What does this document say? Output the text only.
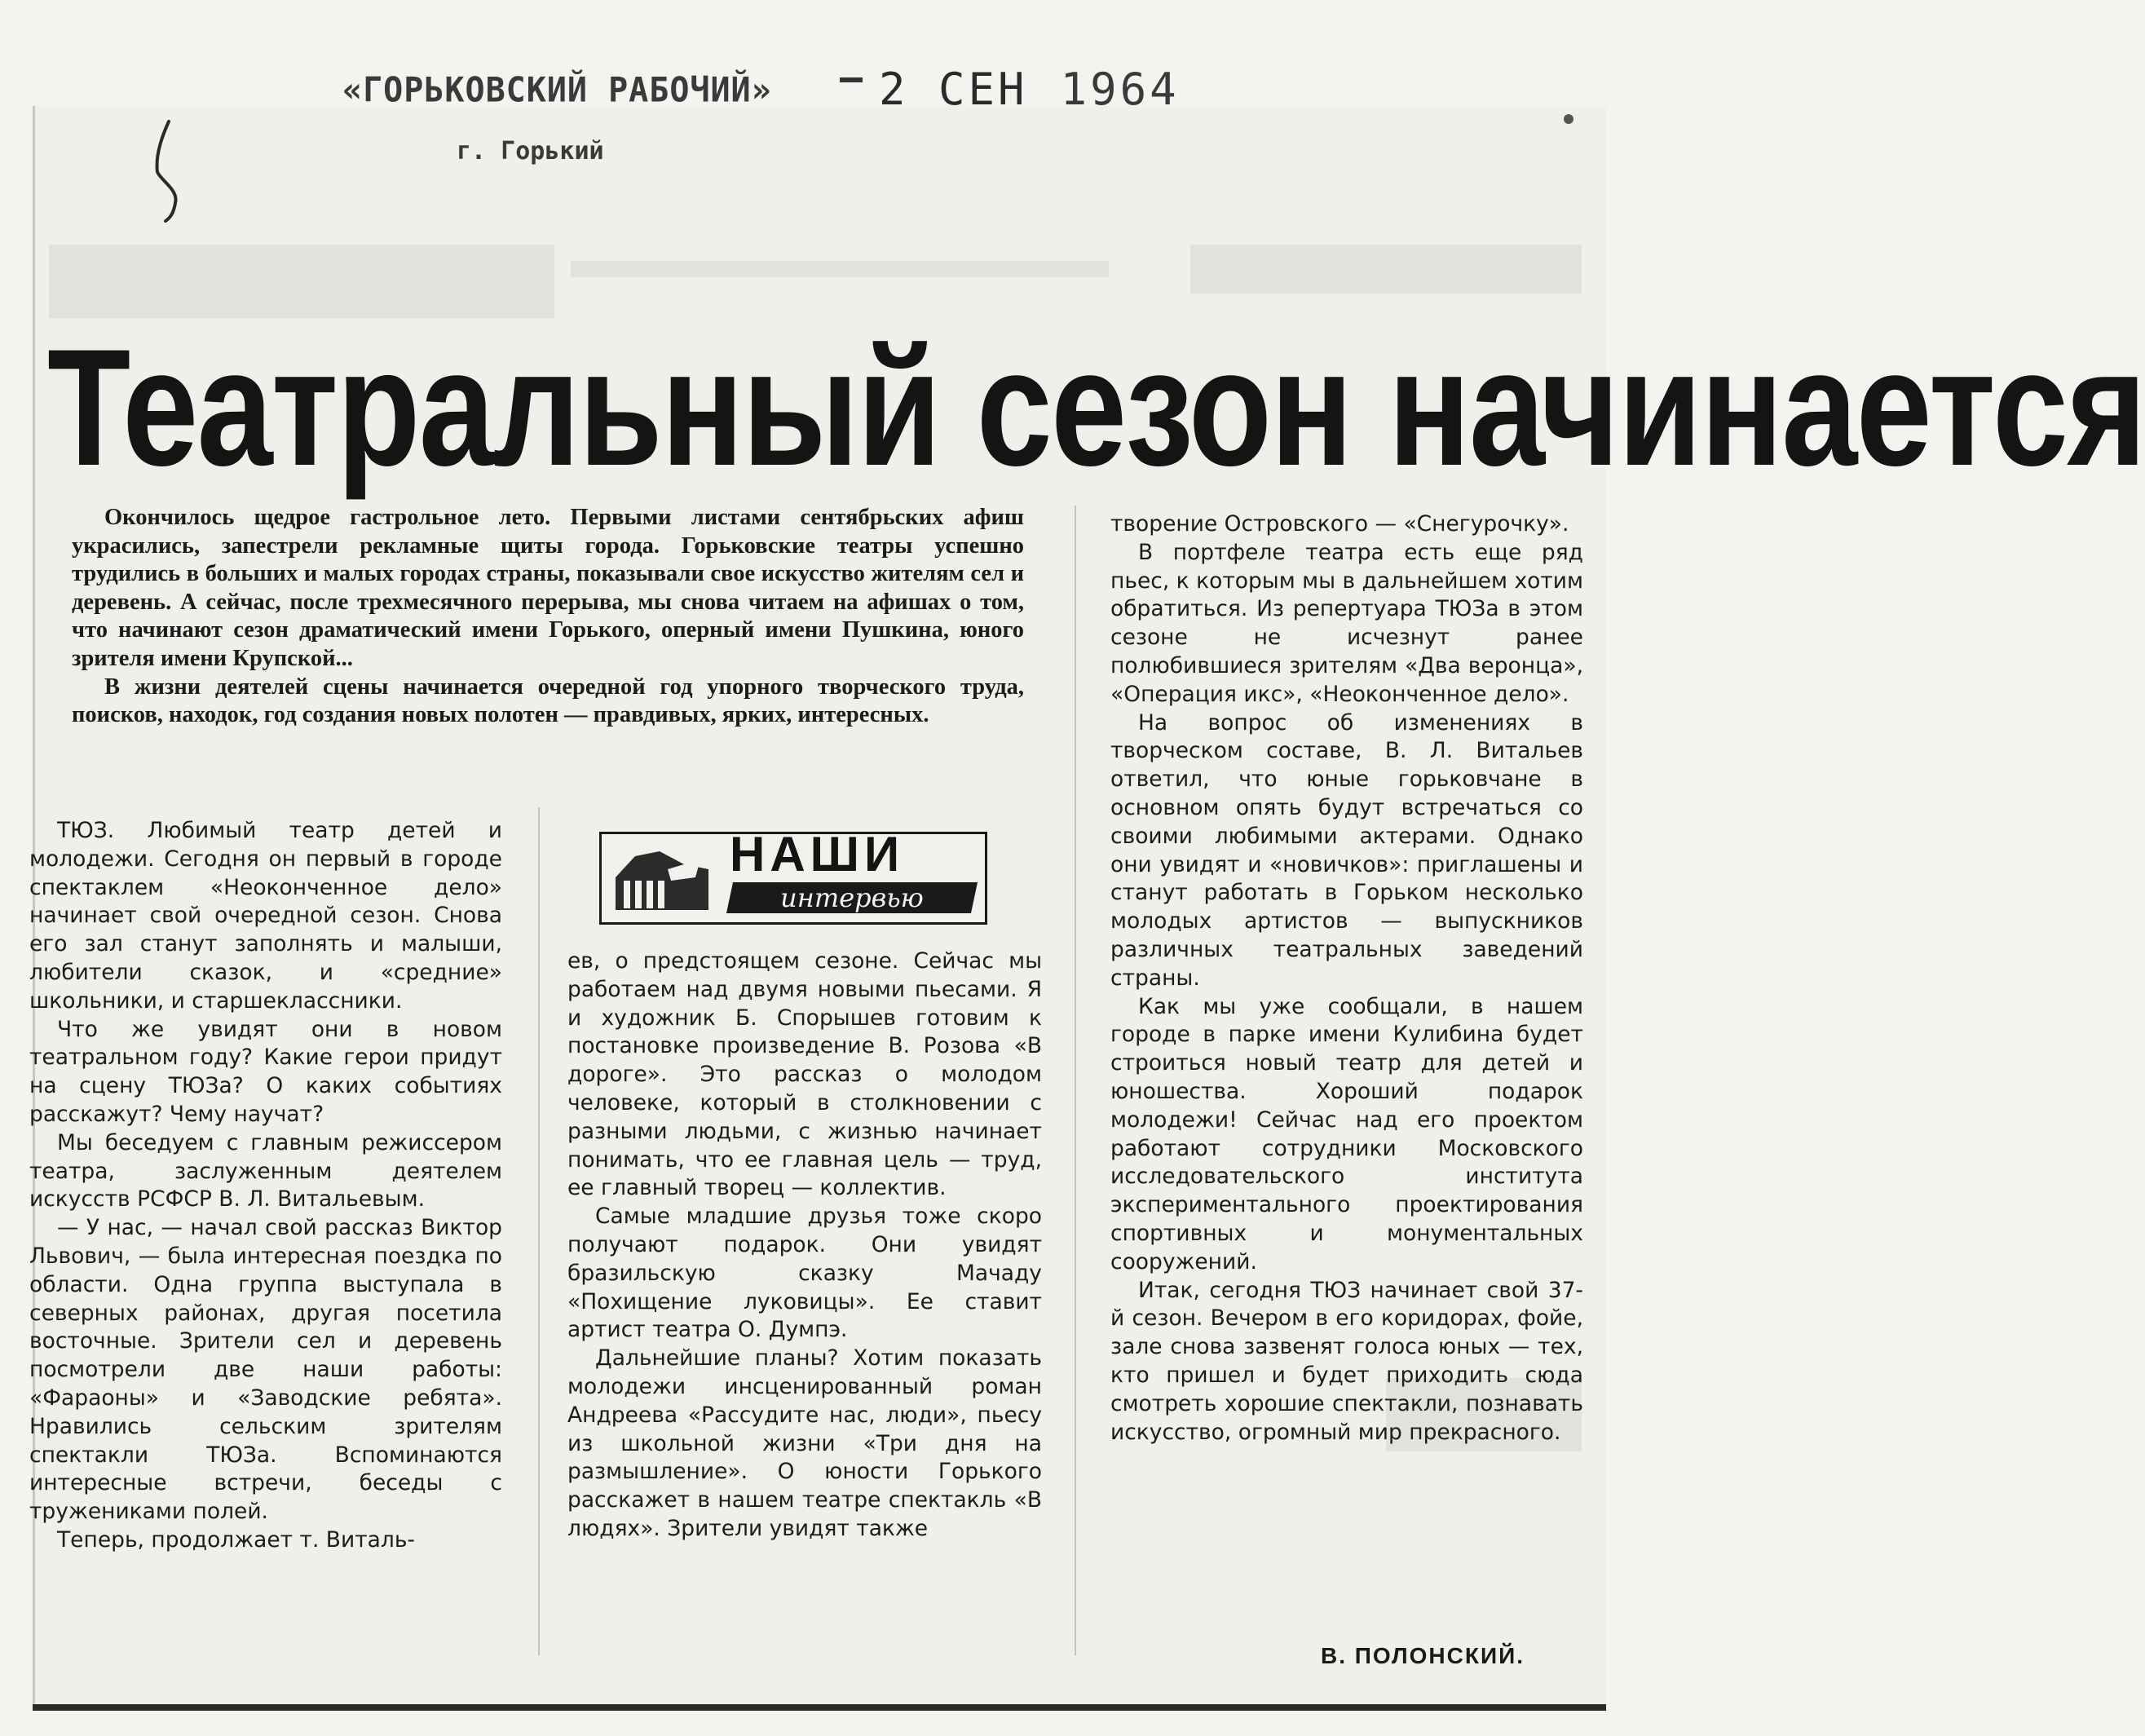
«ГОРЬКОВСКИЙ РАБОЧИЙ»
г. Горький
2 СЕН 1964
Театральный сезон начинается

Окончилось щедрое гастрольное лето. Первыми листами сентябрьских афиш украсились, запестрели рекламные щиты города. Горьковские театры успешно трудились в больших и малых городах страны, показывали свое искусство жителям сел и деревень. А сейчас, после трехмесячного перерыва, мы снова читаем на афишах о том, что начинают сезон драматический имени Горького, оперный имени Пушкина, юного зрителя имени Крупской...

В жизни деятелей сцены начинается очередной год упорного творческого труда, поисков, находок, год создания новых полотен — правдивых, ярких, интересных.

НАШИ
интервью

ТЮЗ. Любимый театр детей и молодежи. Сегодня он первый в городе спектаклем «Неоконченное дело» начинает свой очередной сезон. Снова его зал станут заполнять и малыши, любители сказок, и «средние» школьники, и старшеклассники.

Что же увидят они в новом театральном году? Какие герои придут на сцену ТЮЗа? О каких событиях расскажут? Чему научат?

Мы беседуем с главным режиссером театра, заслуженным деятелем искусств РСФСР В. Л. Витальевым.

— У нас, — начал свой рассказ Виктор Львович, — была интересная поездка по области. Одна группа выступала в северных районах, другая посетила восточные. Зрители сел и деревень посмотрели две наши работы: «Фараоны» и «Заводские ребята». Нравились сельским зрителям спектакли ТЮЗа. Вспоминаются интересные встречи, беседы с тружениками полей.

Теперь, продолжает т. Виталь-

ев, о предстоящем сезоне. Сейчас мы работаем над двумя новыми пьесами. Я и художник Б. Спорышев готовим к постановке произведение В. Розова «В дороге». Это рассказ о молодом человеке, который в столкновении с разными людьми, с жизнью начинает понимать, что ее главная цель — труд, ее главный творец — коллектив.

Самые младшие друзья тоже скоро получают подарок. Они увидят бразильскую сказку Мачаду «Похищение луковицы». Ее ставит артист театра О. Думпэ.

Дальнейшие планы? Хотим показать молодежи инсценированный роман Андреева «Рассудите нас, люди», пьесу из школьной жизни «Три дня на размышление». О юности Горького расскажет в нашем театре спектакль «В людях». Зрители увидят также

творение Островского — «Снегурочку».

В портфеле театра есть еще ряд пьес, к которым мы в дальнейшем хотим обратиться. Из репертуара ТЮЗа в этом сезоне не исчезнут ранее полюбившиеся зрителям «Два веронца», «Операция икс», «Неоконченное дело».

На вопрос об изменениях в творческом составе, В. Л. Витальев ответил, что юные горьковчане в основном опять будут встречаться со своими любимыми актерами. Однако они увидят и «новичков»: приглашены и станут работать в Горьком несколько молодых артистов — выпускников различных театральных заведений страны.

Как мы уже сообщали, в нашем городе в парке имени Кулибина будет строиться новый театр для детей и юношества. Хороший подарок молодежи! Сейчас над его проектом работают сотрудники Московского исследовательского института экспериментального проектирования спортивных и монументальных сооружений.

Итак, сегодня ТЮЗ начинает свой 37-й сезон. Вечером в его коридорах, фойе, зале снова зазвенят голоса юных — тех, кто пришел и будет приходить сюда смотреть хорошие спектакли, познавать искусство, огромный мир прекрасного.

В. ПОЛОНСКИЙ.
